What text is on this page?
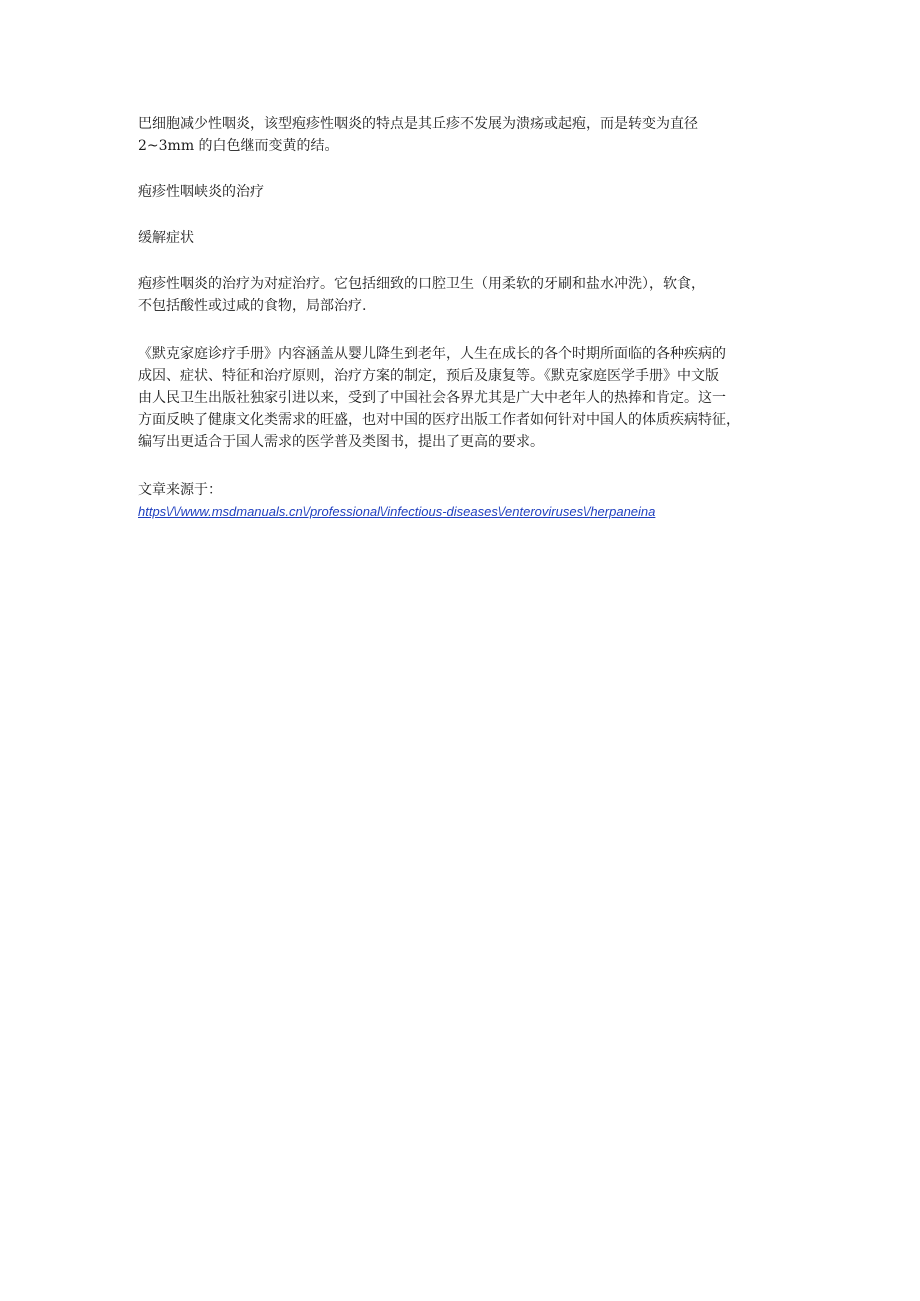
巴细胞减少性咽炎，该型疱疹性咽炎的特点是其丘疹不发展为溃疡或起疱，而是转变为直径
2~3mm 的白色继而变黄的结。

疱疹性咽峡炎的治疗

缓解症状

疱疹性咽炎的治疗为对症治疗。它包括细致的口腔卫生（用柔软的牙刷和盐水冲洗），软食，
不包括酸性或过咸的食物，局部治疗.

《默克家庭诊疗手册》内容涵盖从婴儿降生到老年，人生在成长的各个时期所面临的各种疾病的
成因、症状、特征和治疗原则，治疗方案的制定，预后及康复等。《默克家庭医学手册》中文版
由人民卫生出版社独家引进以来，受到了中国社会各界尤其是广大中老年人的热捧和肯定。这一
方面反映了健康文化类需求的旺盛，也对中国的医疗出版工作者如何针对中国人的体质疾病特征，
编写出更适合于国人需求的医学普及类图书，提出了更高的要求。

文章来源于：
https\/\/www.msdmanuals.cn\/professional\/infectious-diseases\/enteroviruses\/herpaneina
